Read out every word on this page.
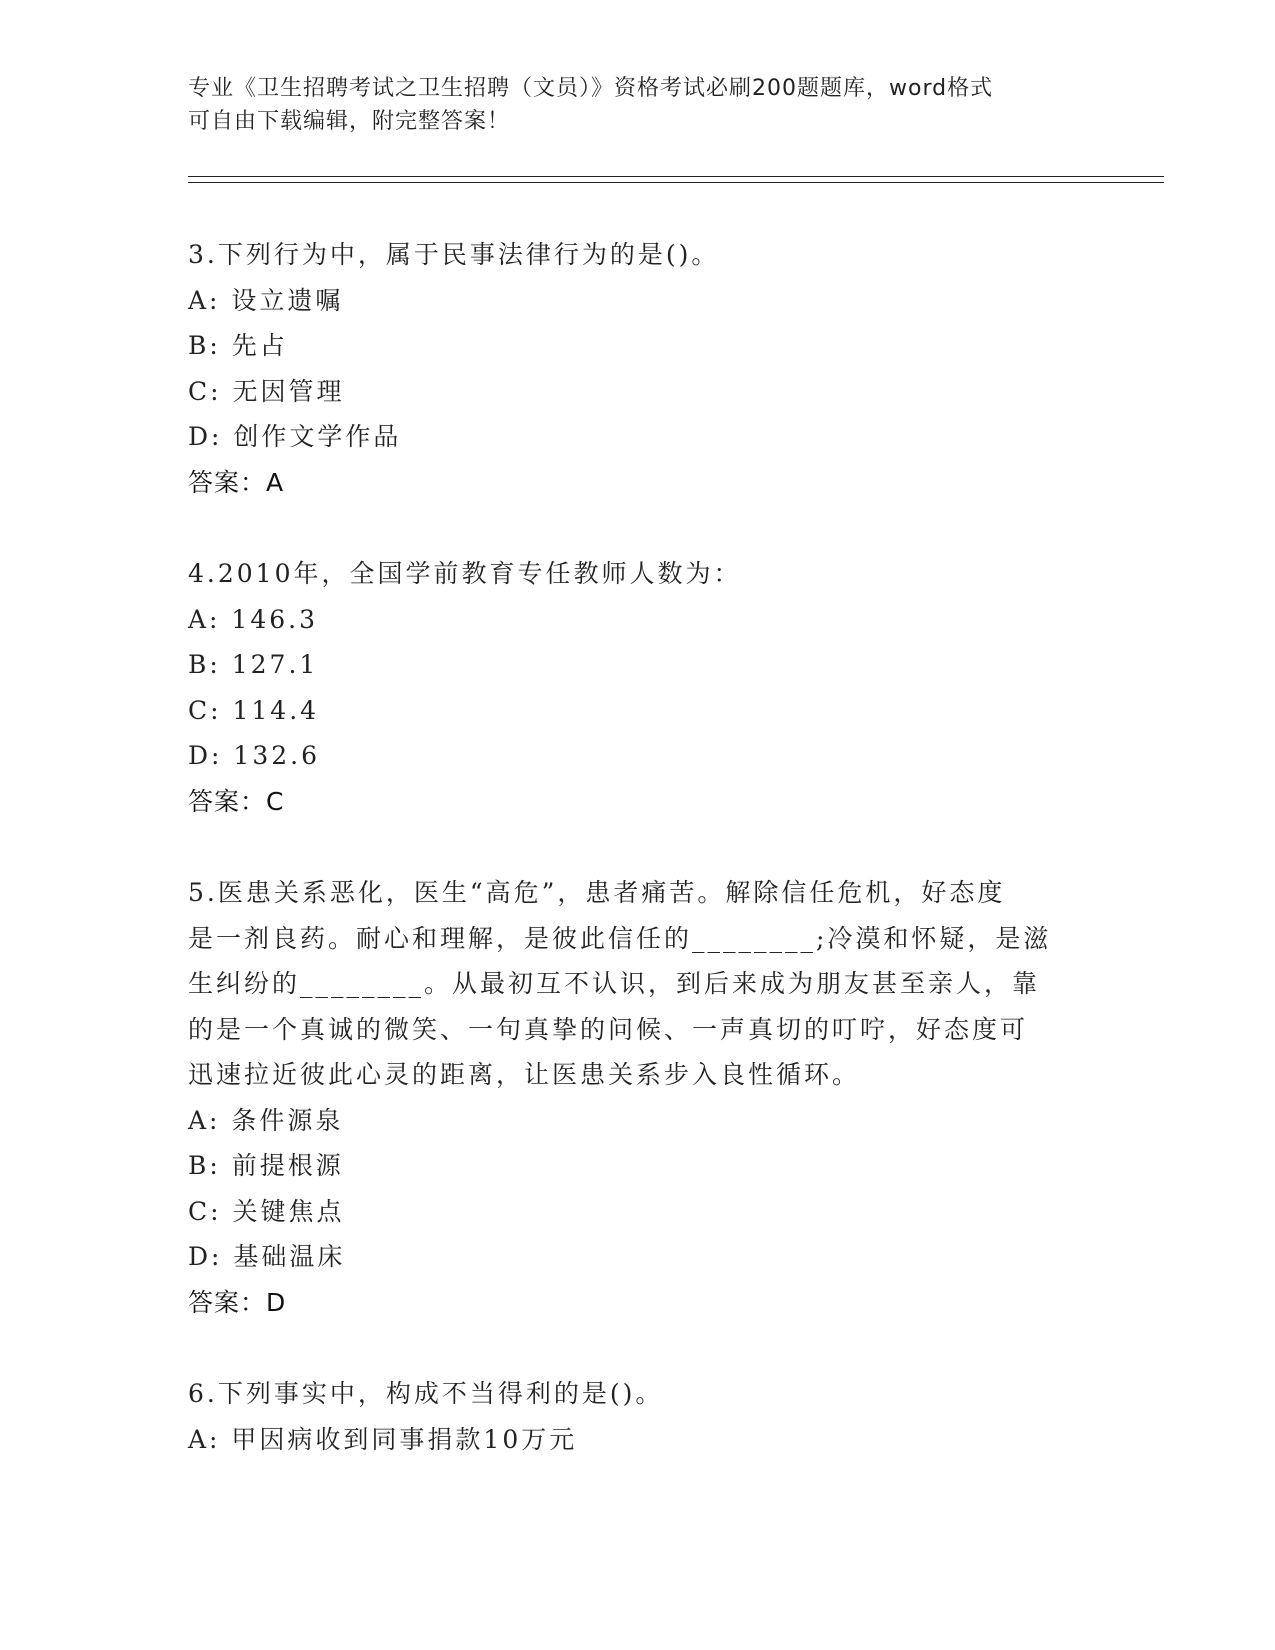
专业《卫生招聘考试之卫生招聘（文员）》资格考试必刷200题题库，word格式
可自由下载编辑，附完整答案！

3.下列行为中，属于民事法律行为的是()。

A: 设立遗嘱

B: 先占

C: 无因管理

D: 创作文学作品

答案：A

4.2010年，全国学前教育专任教师人数为：

A: 146.3

B: 127.1

C: 114.4

D: 132.6

答案：C

5.医患关系恶化，医生“高危”，患者痛苦。解除信任危机，好态度

是一剂良药。耐心和理解，是彼此信任的________;冷漠和怀疑，是滋

生纠纷的________。从最初互不认识，到后来成为朋友甚至亲人，靠

的是一个真诚的微笑、一句真挚的问候、一声真切的叮咛，好态度可

迅速拉近彼此心灵的距离，让医患关系步入良性循环。

A: 条件源泉

B: 前提根源

C: 关键焦点

D: 基础温床

答案：D

6.下列事实中，构成不当得利的是()。

A: 甲因病收到同事捐款10万元
